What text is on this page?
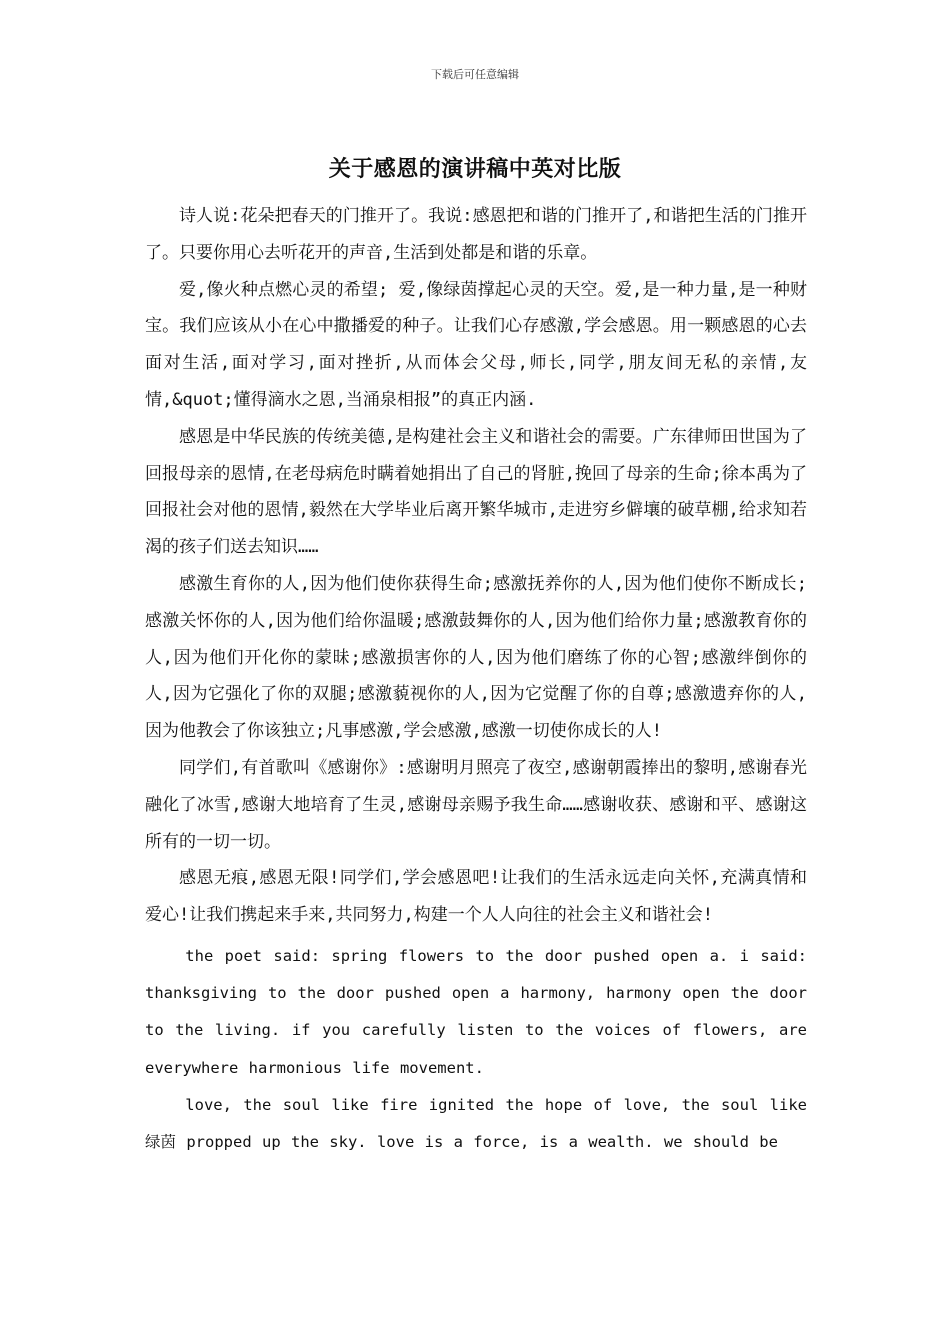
下载后可任意编辑
关于感恩的演讲稿中英对比版

诗人说:花朵把春天的门推开了。我说:感恩把和谐的门推开了,和谐把生活的门推开了。只要你用心去听花开的声音,生活到处都是和谐的乐章。

爱,像火种点燃心灵的希望; 爱,像绿茵撑起心灵的天空。爱,是一种力量,是一种财宝。我们应该从小在心中撒播爱的种子。让我们心存感激,学会感恩。用一颗感恩的心去面对生活,面对学习,面对挫折,从而体会父母,师长,同学,朋友间无私的亲情,友情,&quot;懂得滴水之恩,当涌泉相报”的真正内涵.

感恩是中华民族的传统美德,是构建社会主义和谐社会的需要。广东律师田世国为了回报母亲的恩情,在老母病危时瞒着她捐出了自己的肾脏,挽回了母亲的生命;徐本禹为了回报社会对他的恩情,毅然在大学毕业后离开繁华城市,走进穷乡僻壤的破草棚,给求知若渴的孩子们送去知识……

感激生育你的人,因为他们使你获得生命;感激抚养你的人,因为他们使你不断成长;感激关怀你的人,因为他们给你温暖;感激鼓舞你的人,因为他们给你力量;感激教育你的人,因为他们开化你的蒙昧;感激损害你的人,因为他们磨练了你的心智;感激绊倒你的人,因为它强化了你的双腿;感激藐视你的人,因为它觉醒了你的自尊;感激遗弃你的人,因为他教会了你该独立;凡事感激,学会感激,感激一切使你成长的人!

同学们,有首歌叫《感谢你》:感谢明月照亮了夜空,感谢朝霞捧出的黎明,感谢春光融化了冰雪,感谢大地培育了生灵,感谢母亲赐予我生命……感谢收获、感谢和平、感谢这所有的一切一切。

感恩无痕,感恩无限!同学们,学会感恩吧!让我们的生活永远走向关怀,充满真情和爱心!让我们携起来手来,共同努力,构建一个人人向往的社会主义和谐社会!

the poet said: spring flowers to the door pushed open a. i said: thanksgiving to the door pushed open a harmony, harmony open the door to the living. if you carefully listen to the voices of flowers, are everywhere harmonious life movement.

love, the soul like fire ignited the hope of love, the soul like 绿茵 propped up the sky. love is a force, is a wealth. we should be
